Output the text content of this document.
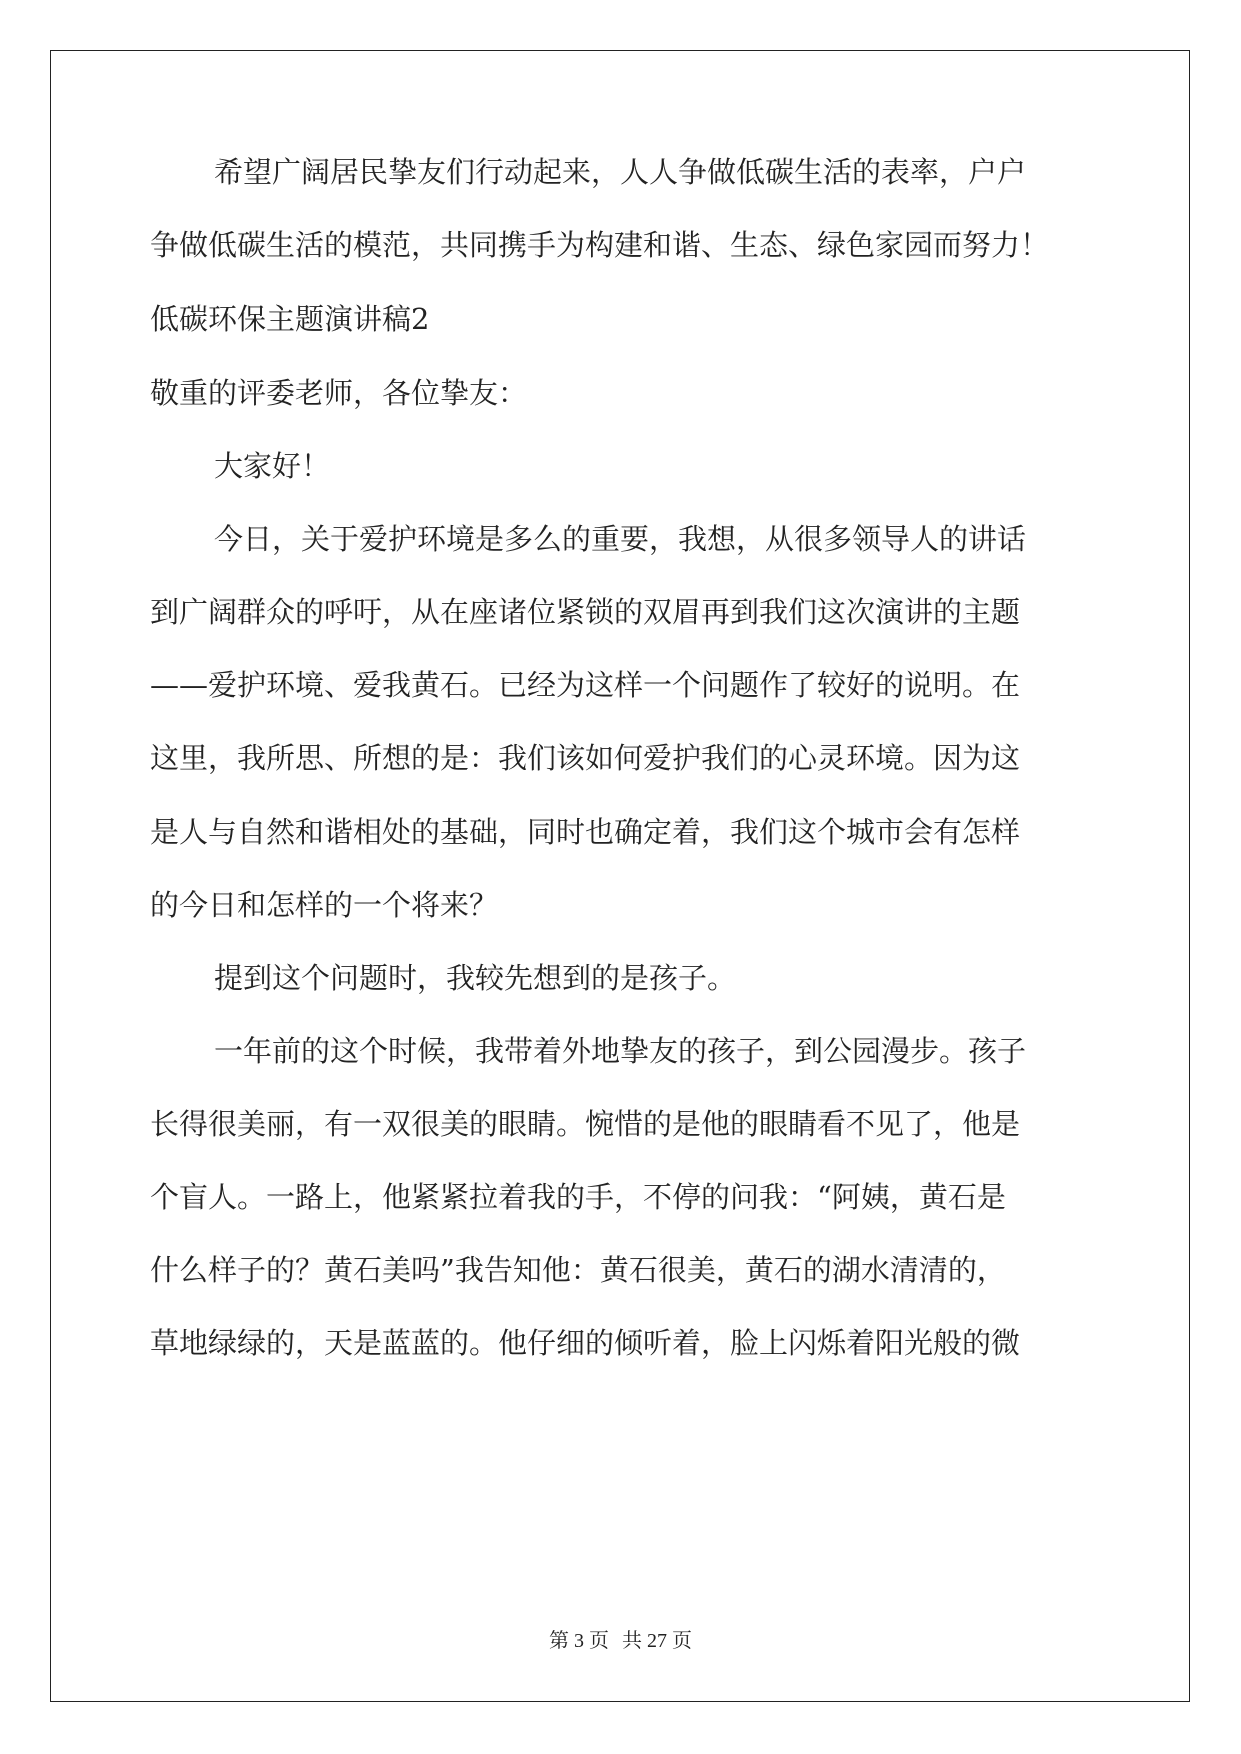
希望广阔居民挚友们行动起来，人人争做低碳生活的表率，户户
争做低碳生活的模范，共同携手为构建和谐、生态、绿色家园而努力！
低碳环保主题演讲稿2
敬重的评委老师，各位挚友：
大家好！
今日，关于爱护环境是多么的重要，我想，从很多领导人的讲话
到广阔群众的呼吁，从在座诸位紧锁的双眉再到我们这次演讲的主题
——爱护环境、爱我黄石。已经为这样一个问题作了较好的说明。在
这里，我所思、所想的是：我们该如何爱护我们的心灵环境。因为这
是人与自然和谐相处的基础，同时也确定着，我们这个城市会有怎样
的今日和怎样的一个将来？
提到这个问题时，我较先想到的是孩子。
一年前的这个时候，我带着外地挚友的孩子，到公园漫步。孩子
长得很美丽，有一双很美的眼睛。惋惜的是他的眼睛看不见了，他是
个盲人。一路上，他紧紧拉着我的手，不停的问我：“阿姨，黄石是
什么样子的？黄石美吗”我告知他：黄石很美，黄石的湖水清清的，
草地绿绿的，天是蓝蓝的。他仔细的倾听着，脸上闪烁着阳光般的微
第 3 页 共 27 页
